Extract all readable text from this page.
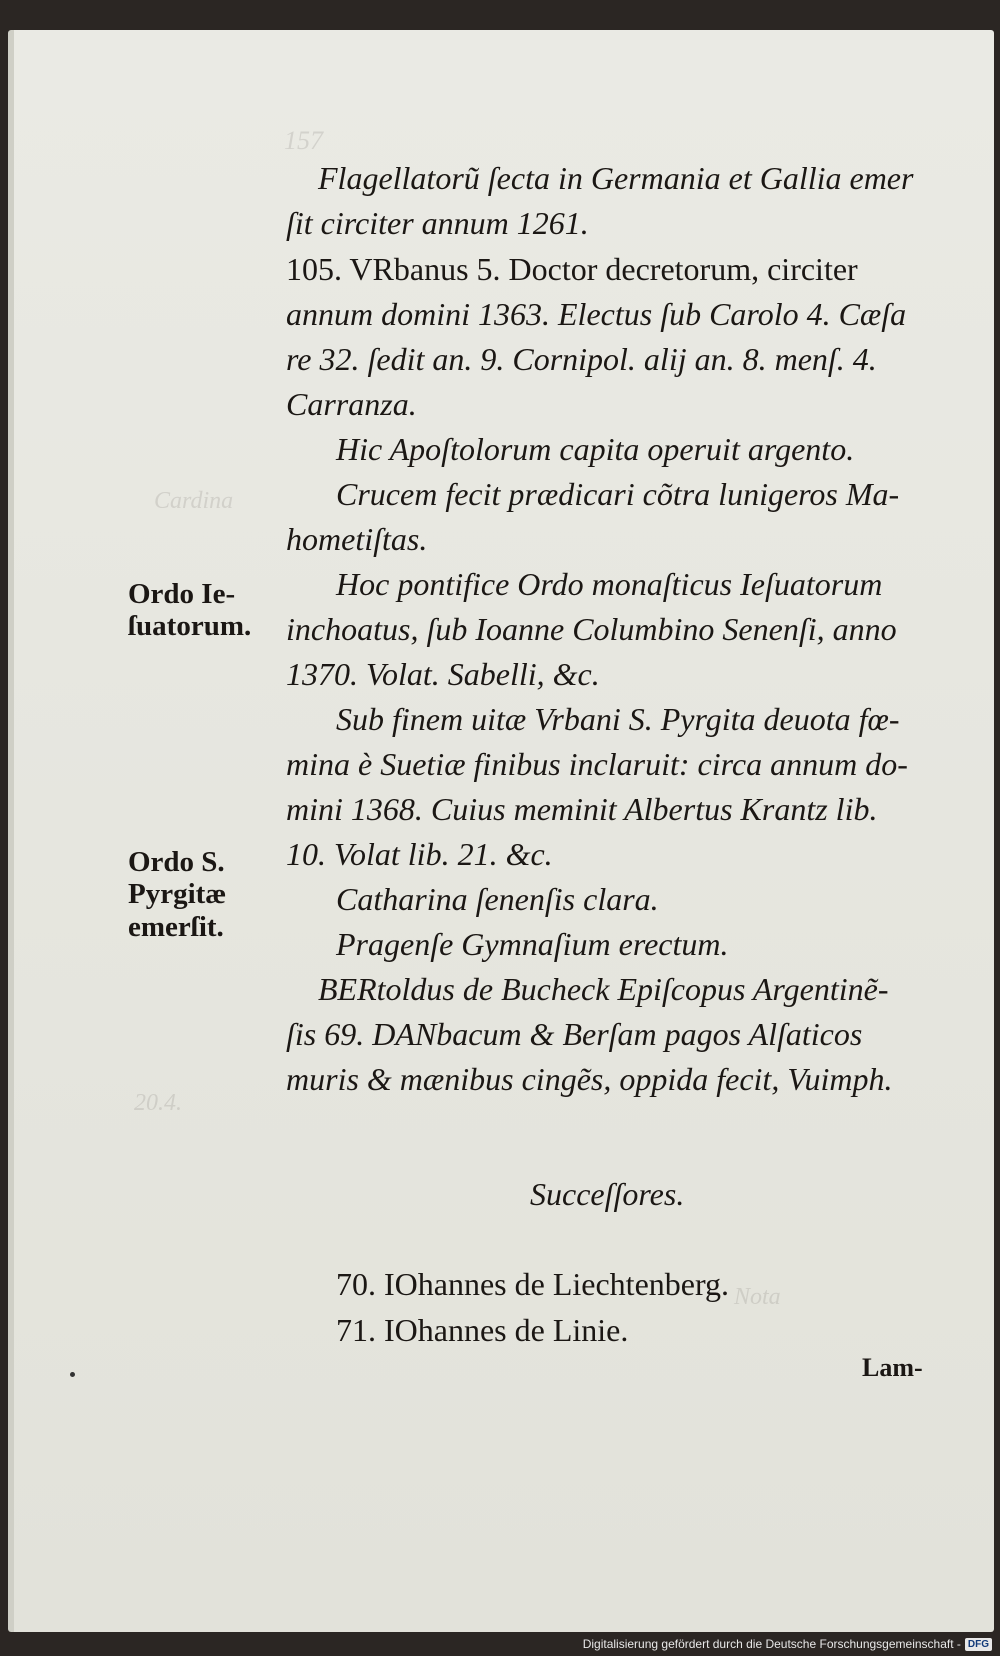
157
Cardina
20.4.
Nota
Flagellatorũ ſecta in Germania et Gallia emer
ſit circiter annum 1261.
105. VRbanus 5. Doctor decretorum, circiter
annum domini 1363. Electus ſub Carolo 4. Cæſa
re 32. ſedit an. 9. Cornipol. alij an. 8. menſ. 4.
Carranza.
Hic Apoſtolorum capita operuit argento.
Crucem fecit prædicari cõtra lunigeros Ma-
hometiſtas.
Hoc pontifice Ordo monaſticus Ieſuatorum
inchoatus, ſub Ioanne Columbino Senenſi, anno
1370. Volat. Sabelli, &c.
Sub finem uitæ Vrbani S. Pyrgita deuota fœ-
mina è Suetiæ finibus inclaruit: circa annum do-
mini 1368. Cuius meminit Albertus Krantz lib.
10. Volat lib. 21. &c.
Catharina ſenenſis clara.
Pragenſe Gymnaſium erectum.
BERtoldus de Bucheck Epiſcopus Argentinẽ-
ſis 69. DANbacum & Berſam pagos Alſaticos
muris & mænibus cingẽs, oppida fecit, Vuimph.
Succeſſores.
70. IOhannes de Liechtenberg.
71. IOhannes de Linie.
Ordo Ie-
ſuatorum.
Ordo S.
Pyrgitæ
emerſit.
Lam-
Digitalisierung gefördert durch die Deutsche Forschungsgemeinschaft - DFG
